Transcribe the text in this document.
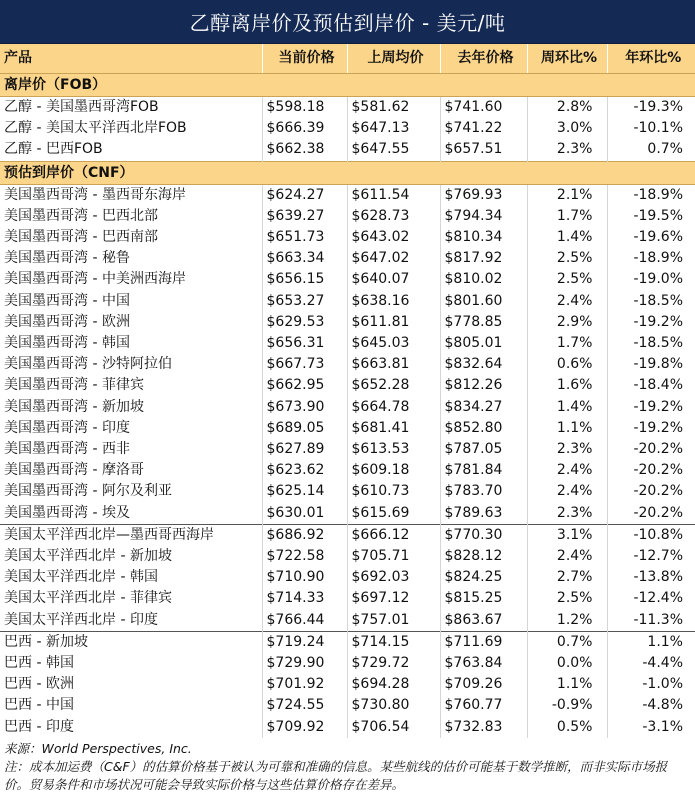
乙醇离岸价及预估到岸价 - 美元/吨
产品	当前价格	上周均价	去年价格	周环比%	年环比%
离岸价（FOB）					
乙醇 - 美国墨西哥湾FOB	$598.18	$581.62	$741.60	2.8%	-19.3%
乙醇 - 美国太平洋西北岸FOB	$666.39	$647.13	$741.22	3.0%	-10.1%
乙醇 - 巴西FOB	$662.38	$647.55	$657.51	2.3%	0.7%
预估到岸价（CNF）					
美国墨西哥湾 - 墨西哥东海岸	$624.27	$611.54	$769.93	2.1%	-18.9%
美国墨西哥湾 - 巴西北部	$639.27	$628.73	$794.34	1.7%	-19.5%
美国墨西哥湾 - 巴西南部	$651.73	$643.02	$810.34	1.4%	-19.6%
美国墨西哥湾 - 秘鲁	$663.34	$647.02	$817.92	2.5%	-18.9%
美国墨西哥湾 - 中美洲西海岸	$656.15	$640.07	$810.02	2.5%	-19.0%
美国墨西哥湾 - 中国	$653.27	$638.16	$801.60	2.4%	-18.5%
美国墨西哥湾 - 欧洲	$629.53	$611.81	$778.85	2.9%	-19.2%
美国墨西哥湾 - 韩国	$656.31	$645.03	$805.01	1.7%	-18.5%
美国墨西哥湾 - 沙特阿拉伯	$667.73	$663.81	$832.64	0.6%	-19.8%
美国墨西哥湾 - 菲律宾	$662.95	$652.28	$812.26	1.6%	-18.4%
美国墨西哥湾 - 新加坡	$673.90	$664.78	$834.27	1.4%	-19.2%
美国墨西哥湾 - 印度	$689.05	$681.41	$852.80	1.1%	-19.2%
美国墨西哥湾 - 西非	$627.89	$613.53	$787.05	2.3%	-20.2%
美国墨西哥湾 - 摩洛哥	$623.62	$609.18	$781.84	2.4%	-20.2%
美国墨西哥湾 - 阿尔及利亚	$625.14	$610.73	$783.70	2.4%	-20.2%
美国墨西哥湾 - 埃及	$630.01	$615.69	$789.63	2.3%	-20.2%
美国太平洋西北岸—墨西哥西海岸	$686.92	$666.12	$770.30	3.1%	-10.8%
美国太平洋西北岸 - 新加坡	$722.58	$705.71	$828.12	2.4%	-12.7%
美国太平洋西北岸 - 韩国	$710.90	$692.03	$824.25	2.7%	-13.8%
美国太平洋西北岸 - 菲律宾	$714.33	$697.12	$815.25	2.5%	-12.4%
美国太平洋西北岸 - 印度	$766.44	$757.01	$863.67	1.2%	-11.3%
巴西 - 新加坡	$719.24	$714.15	$711.69	0.7%	1.1%
巴西 - 韩国	$729.90	$729.72	$763.84	0.0%	-4.4%
巴西 - 欧洲	$701.92	$694.28	$709.26	1.1%	-1.0%
巴西 - 中国	$724.55	$730.80	$760.77	-0.9%	-4.8%
巴西 - 印度	$709.92	$706.54	$732.83	0.5%	-3.1%

来源：World Perspectives, Inc.

注：成本加运费（C&F）的估算价格基于被认为可靠和准确的信息。某些航线的估价可能基于数学推断，而非实际市场报价。贸易条件和市场状况可能会导致实际价格与这些估算价格存在差异。
